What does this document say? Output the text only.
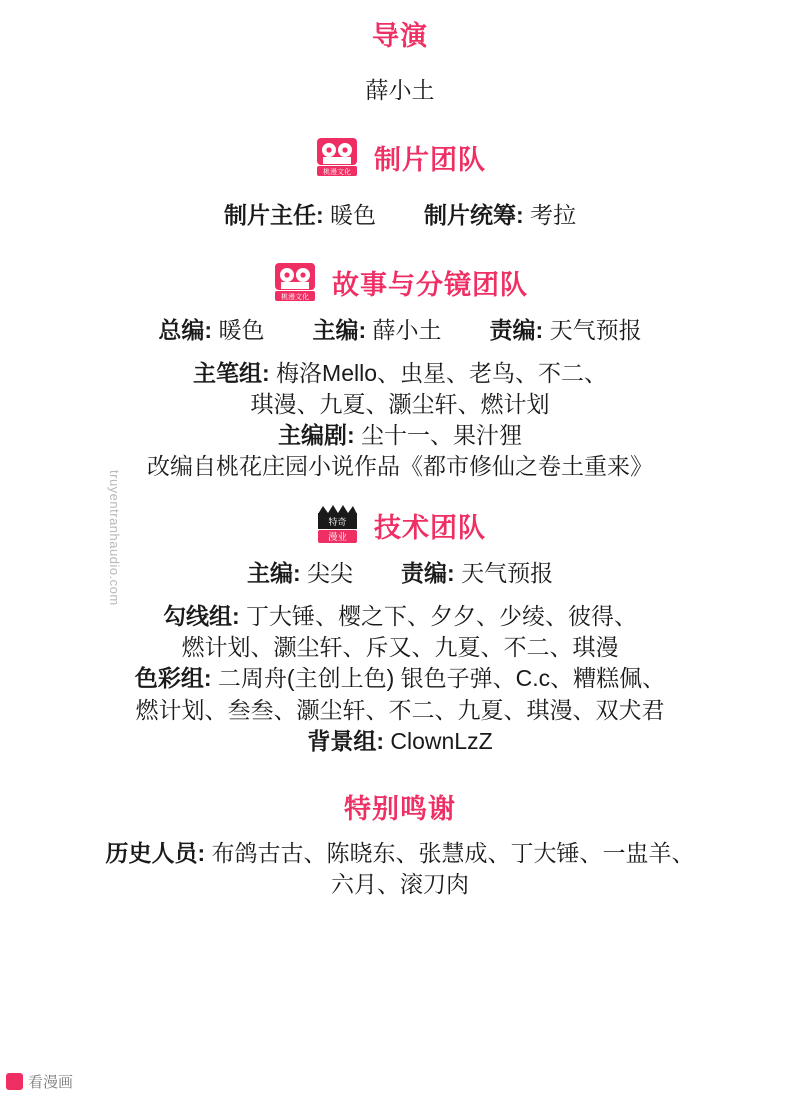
导演
薛小土
桃漫文化 制片团队
制片主任: 暖色 制片统筹: 考拉
桃漫文化 故事与分镜团队
总编: 暖色 主编: 薛小土 责编: 天气预报
主笔组: 梅洛Mello、虫星、老鸟、不二、
琪漫、九夏、灏尘轩、燃计划
主编剧: 尘十一、果汁狸
改编自桃花庄园小说作品《都市修仙之卷土重来》
特奇
漫业 技术团队
主编: 尖尖 责编: 天气预报
勾线组: 丁大锤、樱之下、夕夕、少绫、彼得、
燃计划、灏尘轩、斥又、九夏、不二、琪漫
色彩组: 二周舟(主创上色) 银色子弹、C.c、糟糕佩、
燃计划、叁叁、灏尘轩、不二、九夏、琪漫、双犬君
背景组: ClownLzZ
特别鸣谢
历史人员: 布鸽古古、陈晓东、张慧成、丁大锤、一盅羊、
六月、滚刀肉
truyentranhaudio.com
看漫画
